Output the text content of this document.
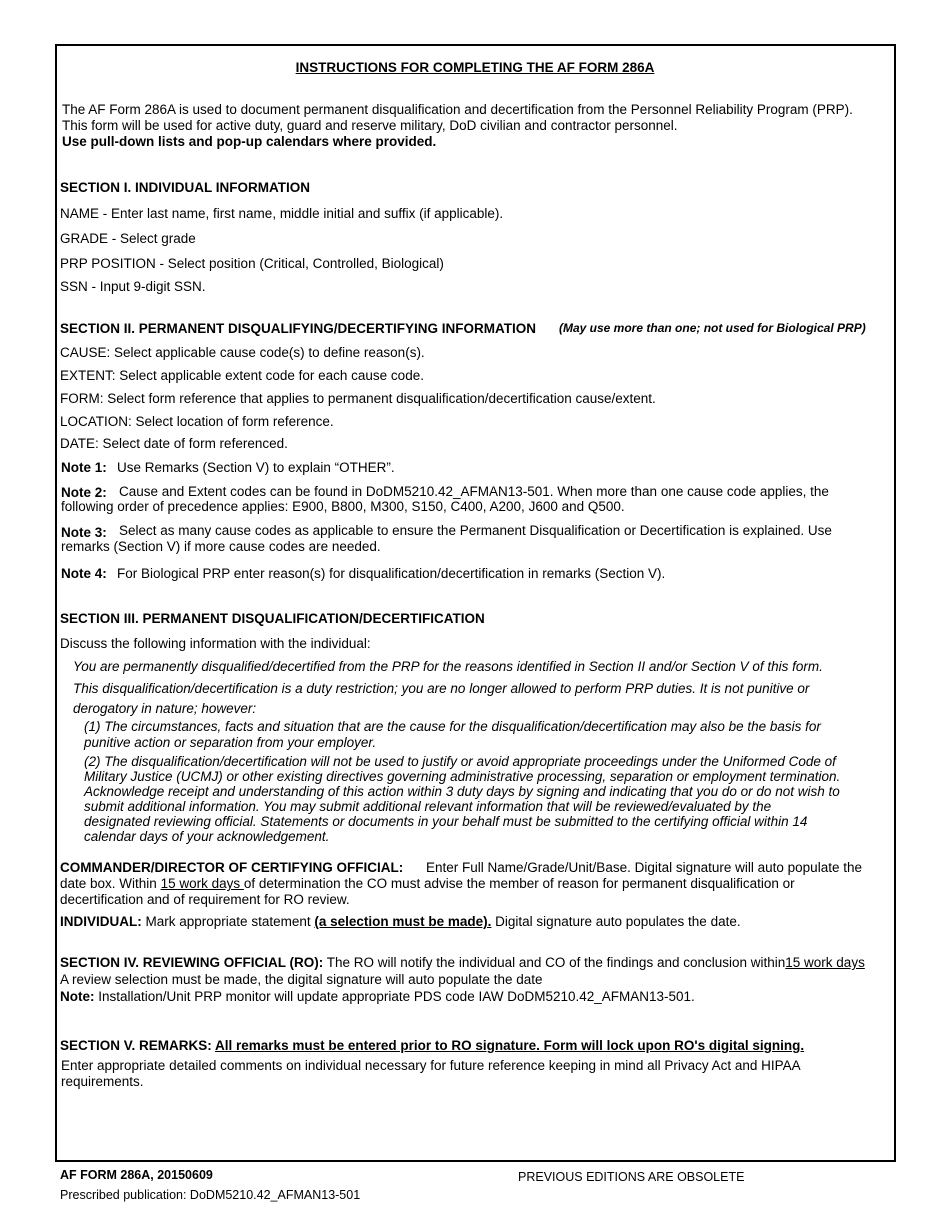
INSTRUCTIONS FOR COMPLETING THE AF FORM 286A
The AF Form 286A is used to document permanent disqualification and decertification from the Personnel Reliability Program (PRP).
This form will be used for active duty, guard and reserve military, DoD civilian and contractor personnel.
Use pull-down lists and pop-up calendars where provided.
SECTION I. INDIVIDUAL INFORMATION
NAME - Enter last name, first name, middle initial and suffix (if applicable).
GRADE - Select grade
PRP POSITION - Select position (Critical, Controlled, Biological)
SSN - Input 9-digit SSN.
SECTION II. PERMANENT DISQUALIFYING/DECERTIFYING INFORMATION (May use more than one; not used for Biological PRP)
CAUSE: Select applicable cause code(s) to define reason(s).
EXTENT: Select applicable extent code for each cause code.
FORM: Select form reference that applies to permanent disqualification/decertification cause/extent.
LOCATION: Select location of form reference.
DATE: Select date of form referenced.
Note 1: Use Remarks (Section V) to explain “OTHER”.
Note 2: Cause and Extent codes can be found in DoDM5210.42_AFMAN13-501. When more than one cause code applies, the
following order of precedence applies: E900, B800, M300, S150, C400, A200, J600 and Q500.
Note 3: Select as many cause codes as applicable to ensure the Permanent Disqualification or Decertification is explained. Use
remarks (Section V) if more cause codes are needed.
Note 4: For Biological PRP enter reason(s) for disqualification/decertification in remarks (Section V).
SECTION III. PERMANENT DISQUALIFICATION/DECERTIFICATION
Discuss the following information with the individual:
You are permanently disqualified/decertified from the PRP for the reasons identified in Section II and/or Section V of this form.
This disqualification/decertification is a duty restriction; you are no longer allowed to perform PRP duties. It is not punitive or
derogatory in nature; however:
(1) The circumstances, facts and situation that are the cause for the disqualification/decertification may also be the basis for
punitive action or separation from your employer.
(2) The disqualification/decertification will not be used to justify or avoid appropriate proceedings under the Uniformed Code of
Military Justice (UCMJ) or other existing directives governing administrative processing, separation or employment termination.
Acknowledge receipt and understanding of this action within 3 duty days by signing and indicating that you do or do not wish to
submit additional information. You may submit additional relevant information that will be reviewed/evaluated by the
designated reviewing official. Statements or documents in your behalf must be submitted to the certifying official within 14
calendar days of your acknowledgement.
COMMANDER/DIRECTOR OF CERTIFYING OFFICIAL: Enter Full Name/Grade/Unit/Base. Digital signature will auto populate the
date box. Within 15 work days of determination the CO must advise the member of reason for permanent disqualification or
decertification and of requirement for RO review.
INDIVIDUAL: Mark appropriate statement (a selection must be made). Digital signature auto populates the date.
SECTION IV. REVIEWING OFFICIAL (RO): The RO will notify the individual and CO of the findings and conclusion within15 work days
A review selection must be made, the digital signature will auto populate the date
Note: Installation/Unit PRP monitor will update appropriate PDS code IAW DoDM5210.42_AFMAN13-501.
SECTION V. REMARKS: All remarks must be entered prior to RO signature. Form will lock upon RO's digital signing.
Enter appropriate detailed comments on individual necessary for future reference keeping in mind all Privacy Act and HIPAA
requirements.
AF FORM 286A, 20150609	PREVIOUS EDITIONS ARE OBSOLETE
Prescribed publication: DoDM5210.42_AFMAN13-501
